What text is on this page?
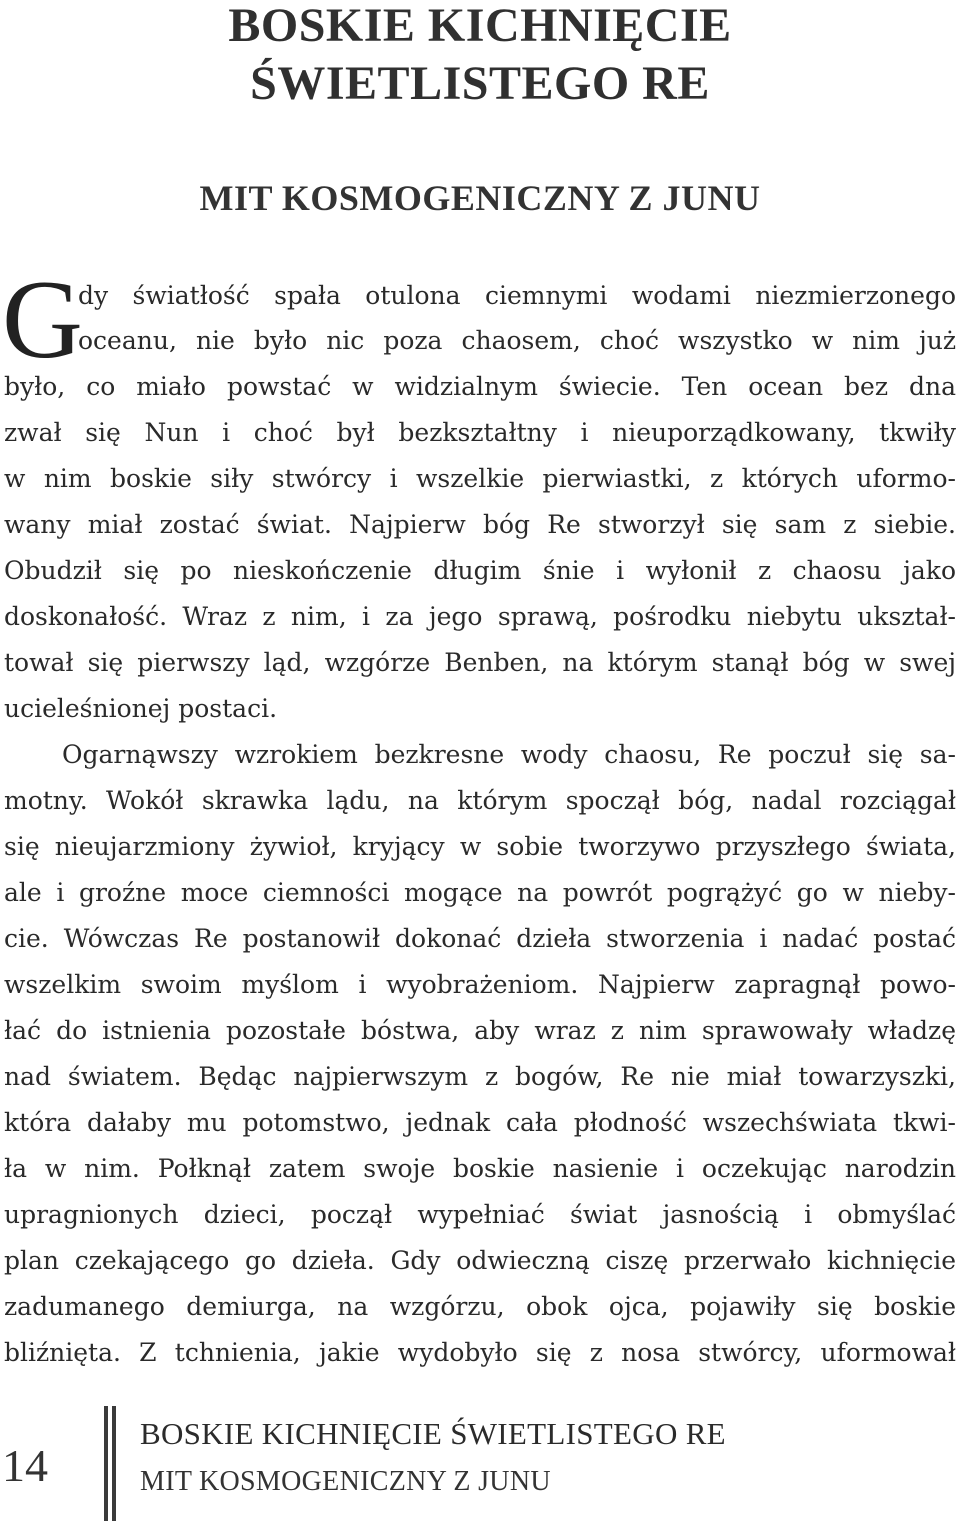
BOSKIE KICHNIĘCIE
ŚWIETLISTEGO RE
MIT KOSMOGENICZNY Z JUNU
G
dy światłość spała otulona ciemnymi wodami niezmierzonego
oceanu, nie było nic poza chaosem, choć wszystko w nim już
było, co miało powstać w widzialnym świecie. Ten ocean bez dna
zwał się Nun i choć był bezkształtny i nieuporządkowany, tkwiły
w nim boskie siły stwórcy i wszelkie pierwiastki, z których uformo-
wany miał zostać świat. Najpierw bóg Re stworzył się sam z siebie.
Obudził się po nieskończenie długim śnie i wyłonił z chaosu jako
doskonałość. Wraz z nim, i za jego sprawą, pośrodku niebytu ukształ-
tował się pierwszy ląd, wzgórze Benben, na którym stanął bóg w swej
ucieleśnionej postaci.
Ogarnąwszy wzrokiem bezkresne wody chaosu, Re poczuł się sa-
motny. Wokół skrawka lądu, na którym spoczął bóg, nadal rozciągał
się nieujarzmiony żywioł, kryjący w sobie tworzywo przyszłego świata,
ale i groźne moce ciemności mogące na powrót pogrążyć go w nieby-
cie. Wówczas Re postanowił dokonać dzieła stworzenia i nadać postać
wszelkim swoim myślom i wyobrażeniom. Najpierw zapragnął powo-
łać do istnienia pozostałe bóstwa, aby wraz z nim sprawowały władzę
nad światem. Będąc najpierwszym z bogów, Re nie miał towarzyszki,
która dałaby mu potomstwo, jednak cała płodność wszechświata tkwi-
ła w nim. Połknął zatem swoje boskie nasienie i oczekując narodzin
upragnionych dzieci, począł wypełniać świat jasnością i obmyślać
plan czekającego go dzieła. Gdy odwieczną ciszę przerwało kichnięcie
zadumanego demiurga, na wzgórzu, obok ojca, pojawiły się boskie
bliźnięta. Z tchnienia, jakie wydobyło się z nosa stwórcy, uformował
14
BOSKIE KICHNIĘCIE ŚWIETLISTEGO RE
MIT KOSMOGENICZNY Z JUNU
